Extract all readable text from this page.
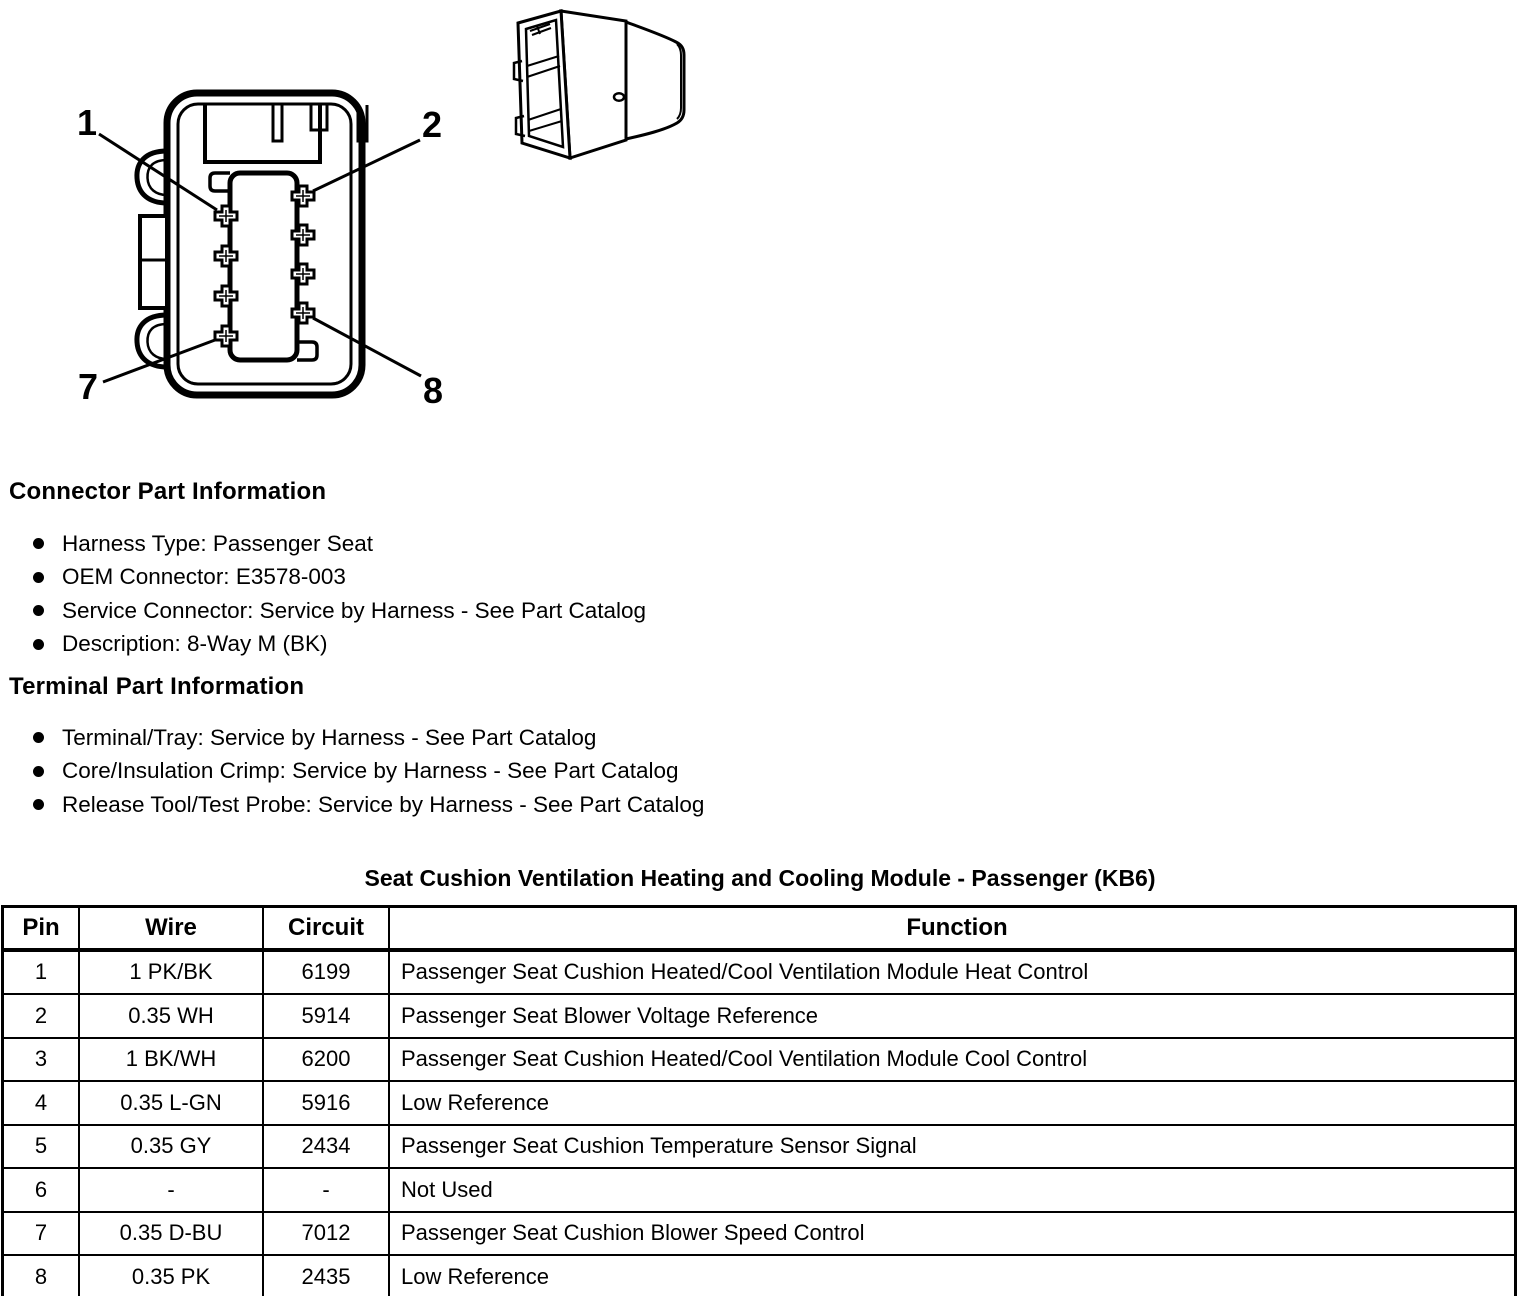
1	2
7	8
Connector Part Information
Harness Type: Passenger Seat
OEM Connector: E3578-003
Service Connector: Service by Harness - See Part Catalog
Description: 8-Way M (BK)
Terminal Part Information
Terminal/Tray: Service by Harness - See Part Catalog
Core/Insulation Crimp: Service by Harness - See Part Catalog
Release Tool/Test Probe: Service by Harness - See Part Catalog
Seat Cushion Ventilation Heating and Cooling Module - Passenger (KB6)
Pin	Wire	Circuit	Function
1	1 PK/BK	6199	Passenger Seat Cushion Heated/Cool Ventilation Module Heat Control
2	0.35 WH	5914	Passenger Seat Blower Voltage Reference
3	1 BK/WH	6200	Passenger Seat Cushion Heated/Cool Ventilation Module Cool Control
4	0.35 L-GN	5916	Low Reference
5	0.35 GY	2434	Passenger Seat Cushion Temperature Sensor Signal
6	-	-	Not Used
7	0.35 D-BU	7012	Passenger Seat Cushion Blower Speed Control
8	0.35 PK	2435	Low Reference
